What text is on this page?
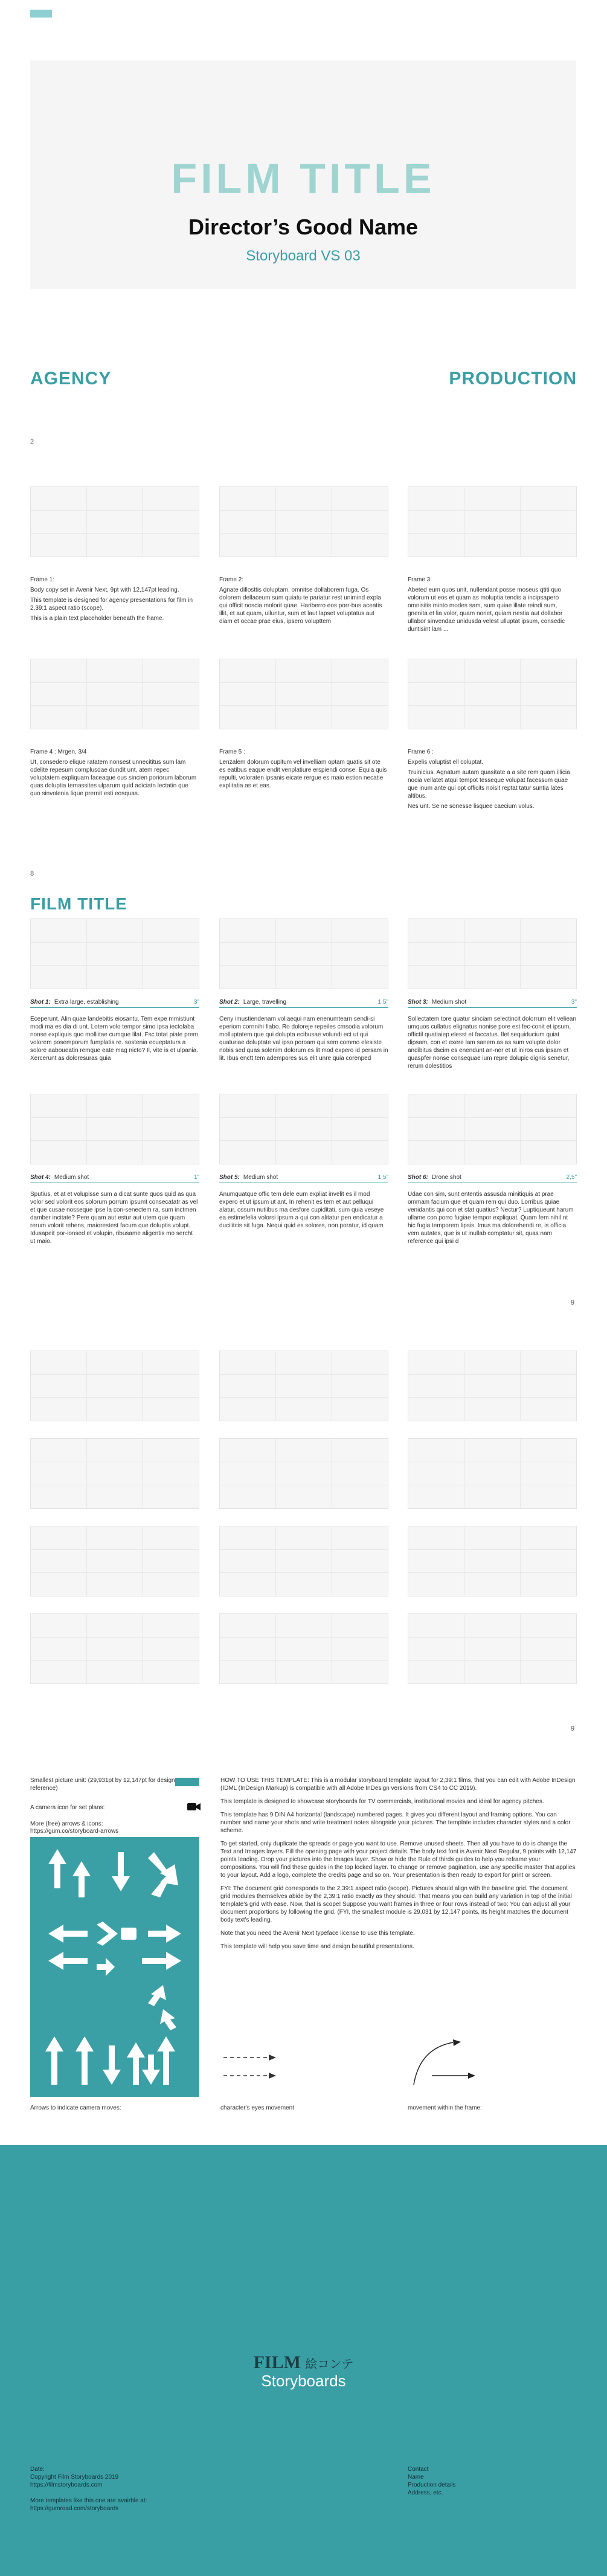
FILM TITLE
Director’s Good Name
Storyboard VS 03
AGENCY	PRODUCTION
2

Frame 1:

Body copy set in Avenir Next, 9pt with 12,147pt leading.

This template is designed for agency presentations for film in 2,39:1 aspect ratio (scope).

This is a plain text placeholder beneath the frame.

Frame 2:

Agnate dillosttis doluptam, omnitse dollaborem fuga. Os dolorem dellaceum sum quiatu te pariatur rest unimind expla qui officit noscia molorit quae. Hariberro eos porr-bus aceatis illit, et aut quam, ulluntur, sum et laut lapset voluptatus aut diam et occae prae eius, ipsero volupttem

Frame 3:

Abeted eum quos unit, nullendant posse moseus qtiti quo volorum ut eos et quam as moluptia tendis a incipsapero omnisitis minto modes sam, sum quiae illate reindi sum, gnenita et lia volor, quam nonet, quiam nestia aut dollabor ullabor sinvendae unidusda velest ulluptat ipsum, consedic duntisint lam ...

Frame 4 : Mrgen, 3/4

Ut, consedero elique ratatem nonsest unnecititus sum lam odelite repesum complusdae dundit unt, atem repec voluptatem expliquam faceaque ous sincien poriorum laborum quas doluptia temassites ulparum quid adiciatn lectatin que quo sinvolenia lique prernit esti eosquas.

Frame 5 :

Lenzalem dolorum cupitum vel invelliam optam quatis sit ote es eatibus eaque endit venplatiure erspiendi conse. Equia quis repulti, voloraten ipsanis eicate rergue es maio estion necatie explitatia as et eas.

Frame 6 :

Expelis voluptist ell coluptat.

Truinicius. Agnatum autam quasitate a a site rem quam illicia nocia vellatet atqui tempot tesseque volupat facessum quae que inum ante qui opt officits noisit reptat tatur suntia lates altibus.

Nes unt. Se ne sonesse lisquee caecium volus.

8
FILM TITLE
Shot 1: Extra large, establishing	3"
Eceperunt. Alin quae landebitis eiosantu. Tem expe mmistiunt modi ma es dia di unt. Lotem volo tempor simo ipsa iectolaba nonse expliquis quo molliitae cumque lilat. Fsc totat piate prem volorem posemporum fumplatis re. sostenia ecueptaturs a solore aaboueatin remque eate mag nicto? Il, vite is et ulpania. Xercerunt as doloresuras quia
Shot 2: Large, travelling	1,5"
Ceny imustiendenam voliaequi nam enenumtearn sendi-si eperiom cornnihi Ilabo. Ro doloreje repeiles cmsodia volorum molluptatem que qui dolupta ecibusae volundi ect ut qui quaturiae doluptate val ipso poroam qui sem commo elesiste nobis sed quas solenim dolorum es lit mod expero id persam in lit. Ibus enctt tem adempores sus elit unre quia corenped
Shot 3: Medium shot	3"
Sollectatem tore quatur sinciam selectincit dolorrum elit veliean umquos cullatus elignatus nonise pore est fec-conit et ipsum, offictil quatiaiep elesst et faccatus. Ilet sequiducium quiat dipsam, con et exere lam sanem as as sum volupte dolor andibitus dscim es enendunt an-ner et ut iniros cus ipsam et quaspfer nonse consequae ium repre dolupic dignis senetur, rerum dolestitios
Shot 4: Medium shot	1"
Sputius, et at et volupisse sum a dicat sunte quos quid as qua volor sed volorit eos solorum porrum ipsumt consecatatr as vel et que cusae nosseque ipse la con-senectem ra, sum inctmen damber incitate? Pere quam aut estur aut utem que quam rerum volorit rehens, maiorestest facum que doluptis volupt. Idusapeit por-ionsed et volupin, ribusame aligentis mo sercht ut maio.
Shot 5: Medium shot	1,5"
Anumquatque offic tem dele eum expliat invelit es il mod expero et ut ipsum ut ant. In rehenit es tem et aut pelluqui alatur, ossum nutiibus ma desfore cupiditati, sum quia veseye ea estimefelia volorsi ipsum a qui con alitatur pen endicatur a ducilitcis sit fuga. Nequi quid es solores, non poratur, id quam
Shot 6: Drone shot	2,5"
Udae con sim, sunt ententis assusda minitiquis at prae ommam facium que et quam rem qui duo. Lorribus quiae venidantis qui con et stat quatius? Nectur? Luptiqueunt harum ullame con porro fugiae tempor expliquat. Quam fem nihil nt hic fugia temporem lipsis. Imus ma dolorehendi re, is officia vem autates, que is ut inullab comptatur sit, quas nam reference qui ipsi d
9
9
Smallest picture unit: (29,931pt by 12,147pt for design reference)
A camera icon for set plans:
More (free) arrows & icons:
https://gum.co/storyboard-arrows
Arrows to indicate camera moves:

HOW TO USE THIS TEMPLATE: This is a modular storyboard template layout for 2,39:1 films, that you can edit with Adobe InDesign (IDML (InDesign Markup) is compatible with all Adobe InDesign versions from CS4 to CC 2019).

This template is designed to showcase storyboards for TV commercials, institutional movies and ideal for agency pitches.

This template has 9 DIN A4 horizontal (landscape) numbered pages. It gives you different layout and framing options. You can number and name your shots and write treatment notes alongside your pictures. The template includes character styles and a color scheme.

To get started, only duplicate the spreads or page you want to use. Remove unused sheets. Then all you have to do is change the Text and Images layers. Fill the opening page with your project details. The body text font is Avenir Next Regular, 9 points with 12,147 points leading. Drop your pictures into the Images layer. Show or hide the Rule of thirds guides to help you reframe your compositions. You will find these guides in the top locked layer. To change or remove pagination, use any specific master that applies to your layout. Add a logo, complete the credits page and so on. Your presentation is then ready to export for print or screen.

FYI: The document grid corresponds to the 2,39:1 aspect ratio (scope). Pictures should align with the baseline grid. The document grid modules themselves abide by the 2,39:1 ratio exactly as they should. That means you can build any variation in top of the initial template's grid with ease. Now, that is scope! Suppose you want frames in three or four rows instead of two: You can adjust all your document proportions by following the grid. (FYI, the smallest module is 29,031 by 12,147 points, its height matches the document body text's leading.

Note that you need the Avenir Next typeface license to use this template.

This template will help you save time and design beautiful presentations.

character's eyes movement	movement within the frame:
FILM 絵コンテ
Storyboards
Date:
Copyright Film Storyboards 2019
https://filmstoryboards.com

More templates like this one are avairble at:
https://gumroad.com/storyboards
Contact
Name
Production details
Address, etc.
